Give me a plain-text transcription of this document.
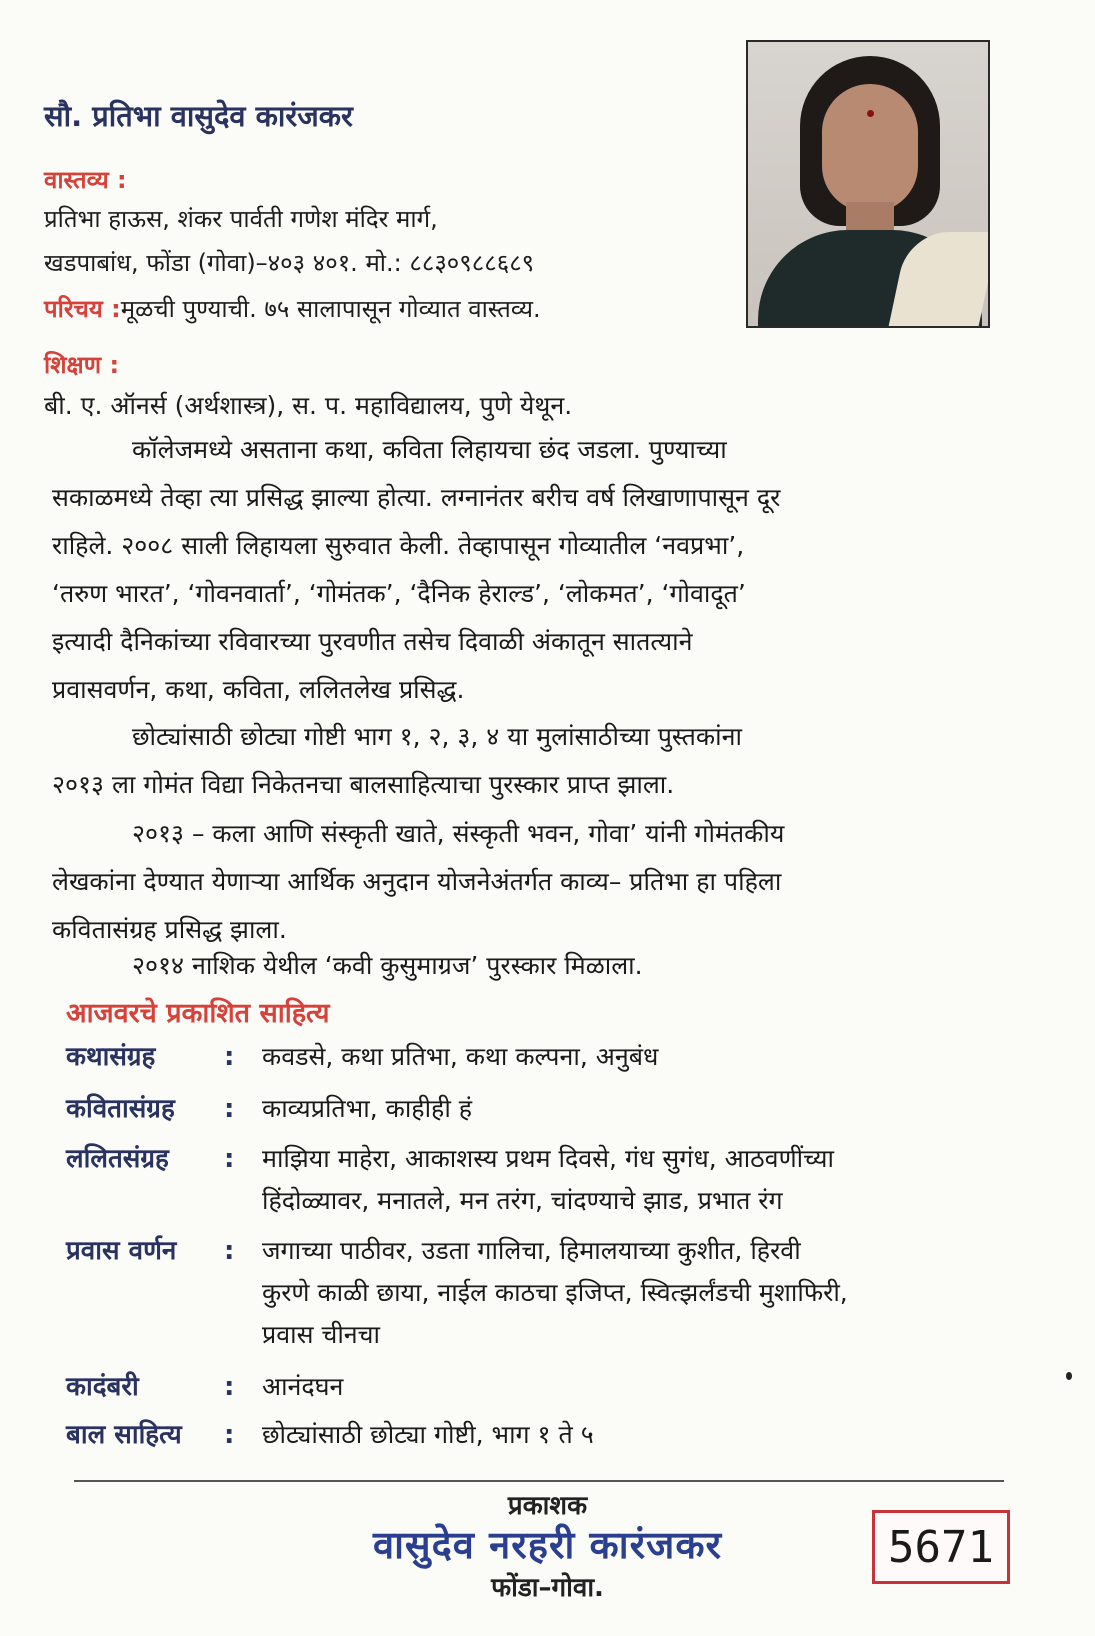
सौ. प्रतिभा वासुदेव कारंजकर
वास्तव्य :
प्रतिभा हाऊस, शंकर पार्वती गणेश मंदिर मार्ग,
खडपाबांध, फोंडा (गोवा)–४०३ ४०१. मो.: ८८३०९८८६८९
परिचय :मूळची पुण्याची. ७५ सालापासून गोव्यात वास्तव्य.
शिक्षण :
बी. ए. ऑनर्स (अर्थशास्त्र), स. प. महाविद्यालय, पुणे येथून.
कॉलेजमध्ये असताना कथा, कविता लिहायचा छंद जडला. पुण्याच्या
सकाळमध्ये तेव्हा त्या प्रसिद्ध झाल्या होत्या. लग्नानंतर बरीच वर्ष लिखाणापासून दूर
राहिले. २००८ साली लिहायला सुरुवात केली. तेव्हापासून गोव्यातील ‘नवप्रभा’,
‘तरुण भारत’, ‘गोवनवार्ता’, ‘गोमंतक’, ‘दैनिक हेराल्ड’, ‘लोकमत’, ‘गोवादूत’
इत्यादी दैनिकांच्या रविवारच्या पुरवणीत तसेच दिवाळी अंकातून सातत्याने
प्रवासवर्णन, कथा, कविता, ललितलेख प्रसिद्ध.
छोट्यांसाठी छोट्या गोष्टी भाग १, २, ३, ४ या मुलांसाठीच्या पुस्तकांना
२०१३ ला गोमंत विद्या निकेतनचा बालसाहित्याचा पुरस्कार प्राप्त झाला.
२०१३ – कला आणि संस्कृती खाते, संस्कृती भवन, गोवा’ यांनी गोमंतकीय
लेखकांना देण्यात येणाऱ्या आर्थिक अनुदान योजनेअंतर्गत काव्य– प्रतिभा हा पहिला
कवितासंग्रह प्रसिद्ध झाला.
२०१४ नाशिक येथील ‘कवी कुसुमाग्रज’ पुरस्कार मिळाला.
आजवरचे प्रकाशित साहित्य
कथासंग्रह	: कवडसे, कथा प्रतिभा, कथा कल्पना, अनुबंध
कवितासंग्रह : काव्यप्रतिभा, काहीही हं
ललितसंग्रह : माझिया माहेरा, आकाशस्य प्रथम दिवसे, गंध सुगंध, आठवणींच्या
हिंदोळ्यावर, मनातले, मन तरंग, चांदण्याचे झाड, प्रभात रंग
प्रवास वर्णन : जगाच्या पाठीवर, उडता गालिचा, हिमालयाच्या कुशीत, हिरवी
कुरणे काळी छाया, नाईल काठचा इजिप्त, स्वित्झर्लंडची मुशाफिरी,
प्रवास चीनचा
कादंबरी	: आनंदघन
बाल साहित्य : छोट्यांसाठी छोट्या गोष्टी, भाग १ ते ५
प्रकाशक
वासुदेव नरहरी कारंजकर
फोंडा–गोवा.
5671
